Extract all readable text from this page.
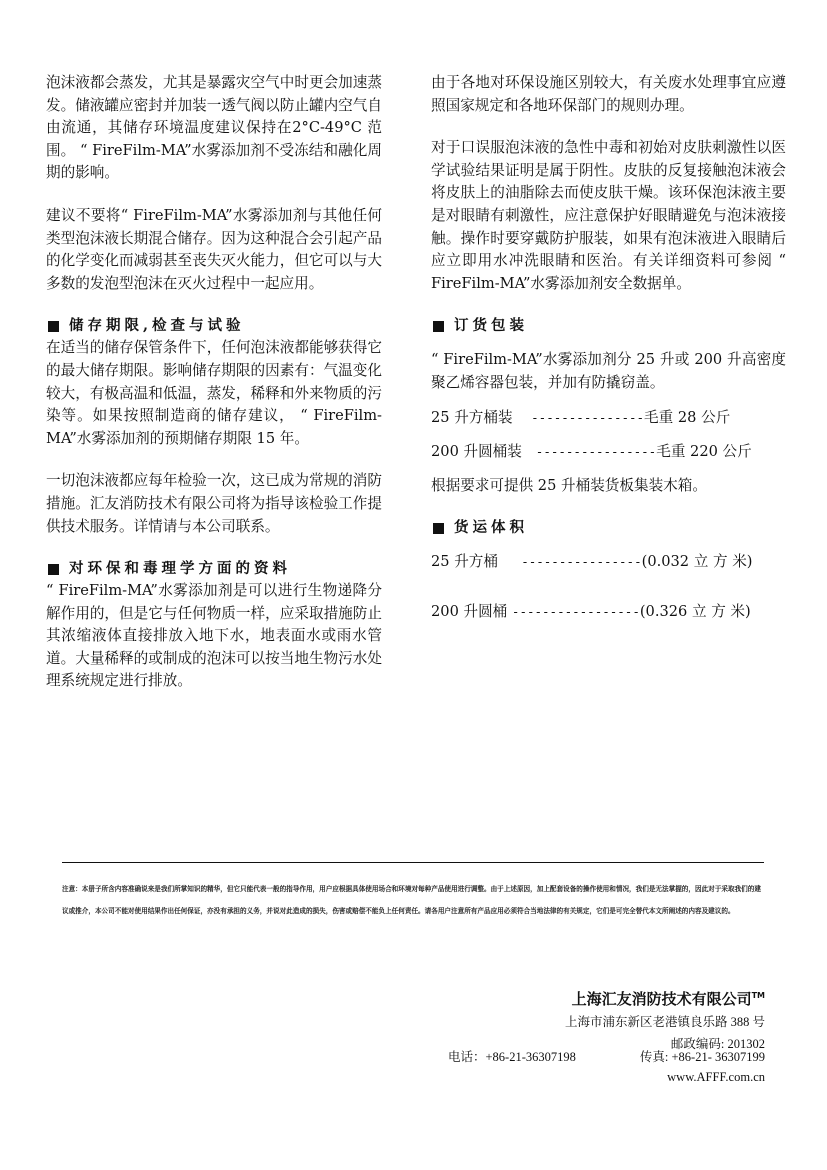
泡沫液都会蒸发，尤其是暴露灾空气中时更会加速蒸发。储液罐应密封并加装一透气阀以防止罐内空气自由流通，其储存环境温度建议保持在2°C-49°C 范围。 “ FireFilm-MA”水雾添加剂不受冻结和融化周期的影响。

建议不要将“ FireFilm-MA”水雾添加剂与其他任何类型泡沫液长期混合储存。因为这种混合会引起产品的化学变化而减弱甚至丧失灭火能力，但它可以与大多数的发泡型泡沫在灭火过程中一起应用。

储存期限,检查与试验

在适当的储存保管条件下，任何泡沫液都能够获得它的最大储存期限。影响储存期限的因素有：气温变化较大，有极高温和低温，蒸发，稀释和外来物质的污染等。如果按照制造商的储存建议， “ FireFilm-MA”水雾添加剂的预期储存期限 15 年。

一切泡沫液都应每年检验一次，这已成为常规的消防措施。汇友消防技术有限公司将为指导该检验工作提供技术服务。详情请与本公司联系。

对环保和毒理学方面的资料

“ FireFilm-MA”水雾添加剂是可以进行生物递降分解作用的，但是它与任何物质一样，应采取措施防止其浓缩液体直接排放入地下水，地表面水或雨水管道。大量稀释的或制成的泡沫可以按当地生物污水处理系统规定进行排放。

由于各地对环保设施区别较大，有关废水处理事宜应遵照国家规定和各地环保部门的规则办理。

对于口误服泡沫液的急性中毒和初始对皮肤刺激性以医学试验结果证明是属于阴性。皮肤的反复接触泡沫液会将皮肤上的油脂除去而使皮肤干燥。该环保泡沫液主要是对眼睛有刺激性，应注意保护好眼睛避免与泡沫液接触。操作时要穿戴防护服装，如果有泡沫液进入眼睛后应立即用水冲洗眼睛和医治。有关详细资料可参阅 “ FireFilm-MA”水雾添加剂安全数据单。

订货包装

“ FireFilm-MA”水雾添加剂分 25 升或 200 升高密度聚乙烯容器包装，并加有防撬窃盖。

25 升方桶装 ---------------毛重 28 公斤
200 升圆桶装 ----------------毛重 220 公斤

根据要求可提供 25 升桶装货板集装木箱。

货运体积
25 升方桶 ----------------(0.032 立 方 米)
200 升圆桶 -----------------(0.326 立 方 米)
注意：本册子所含内容准确说来是我们所掌知识的精华，但它只能代表一般的指导作用，用户应根据具体使用场合和环境对每种产品使用进行调整。由于上述原因，加上配套设备的操作使用和情况，我们是无法掌握的，因此对于采取我们的建议或推介，本公司不能对使用结果作出任何保证，亦没有承担的义务，并说对此造成的损失，伤害或赔偿不能负上任何责任。请各用户注意所有产品应用必须符合当地法律的有关规定，它们是可完全替代本文所阐述的内容及建议的。
上海汇友消防技术有限公司™
上海市浦东新区老港镇良乐路 388 号
邮政编码: 201302
电话：+86-21-36307198	传真: +86-21- 36307199
www.AFFF.com.cn
